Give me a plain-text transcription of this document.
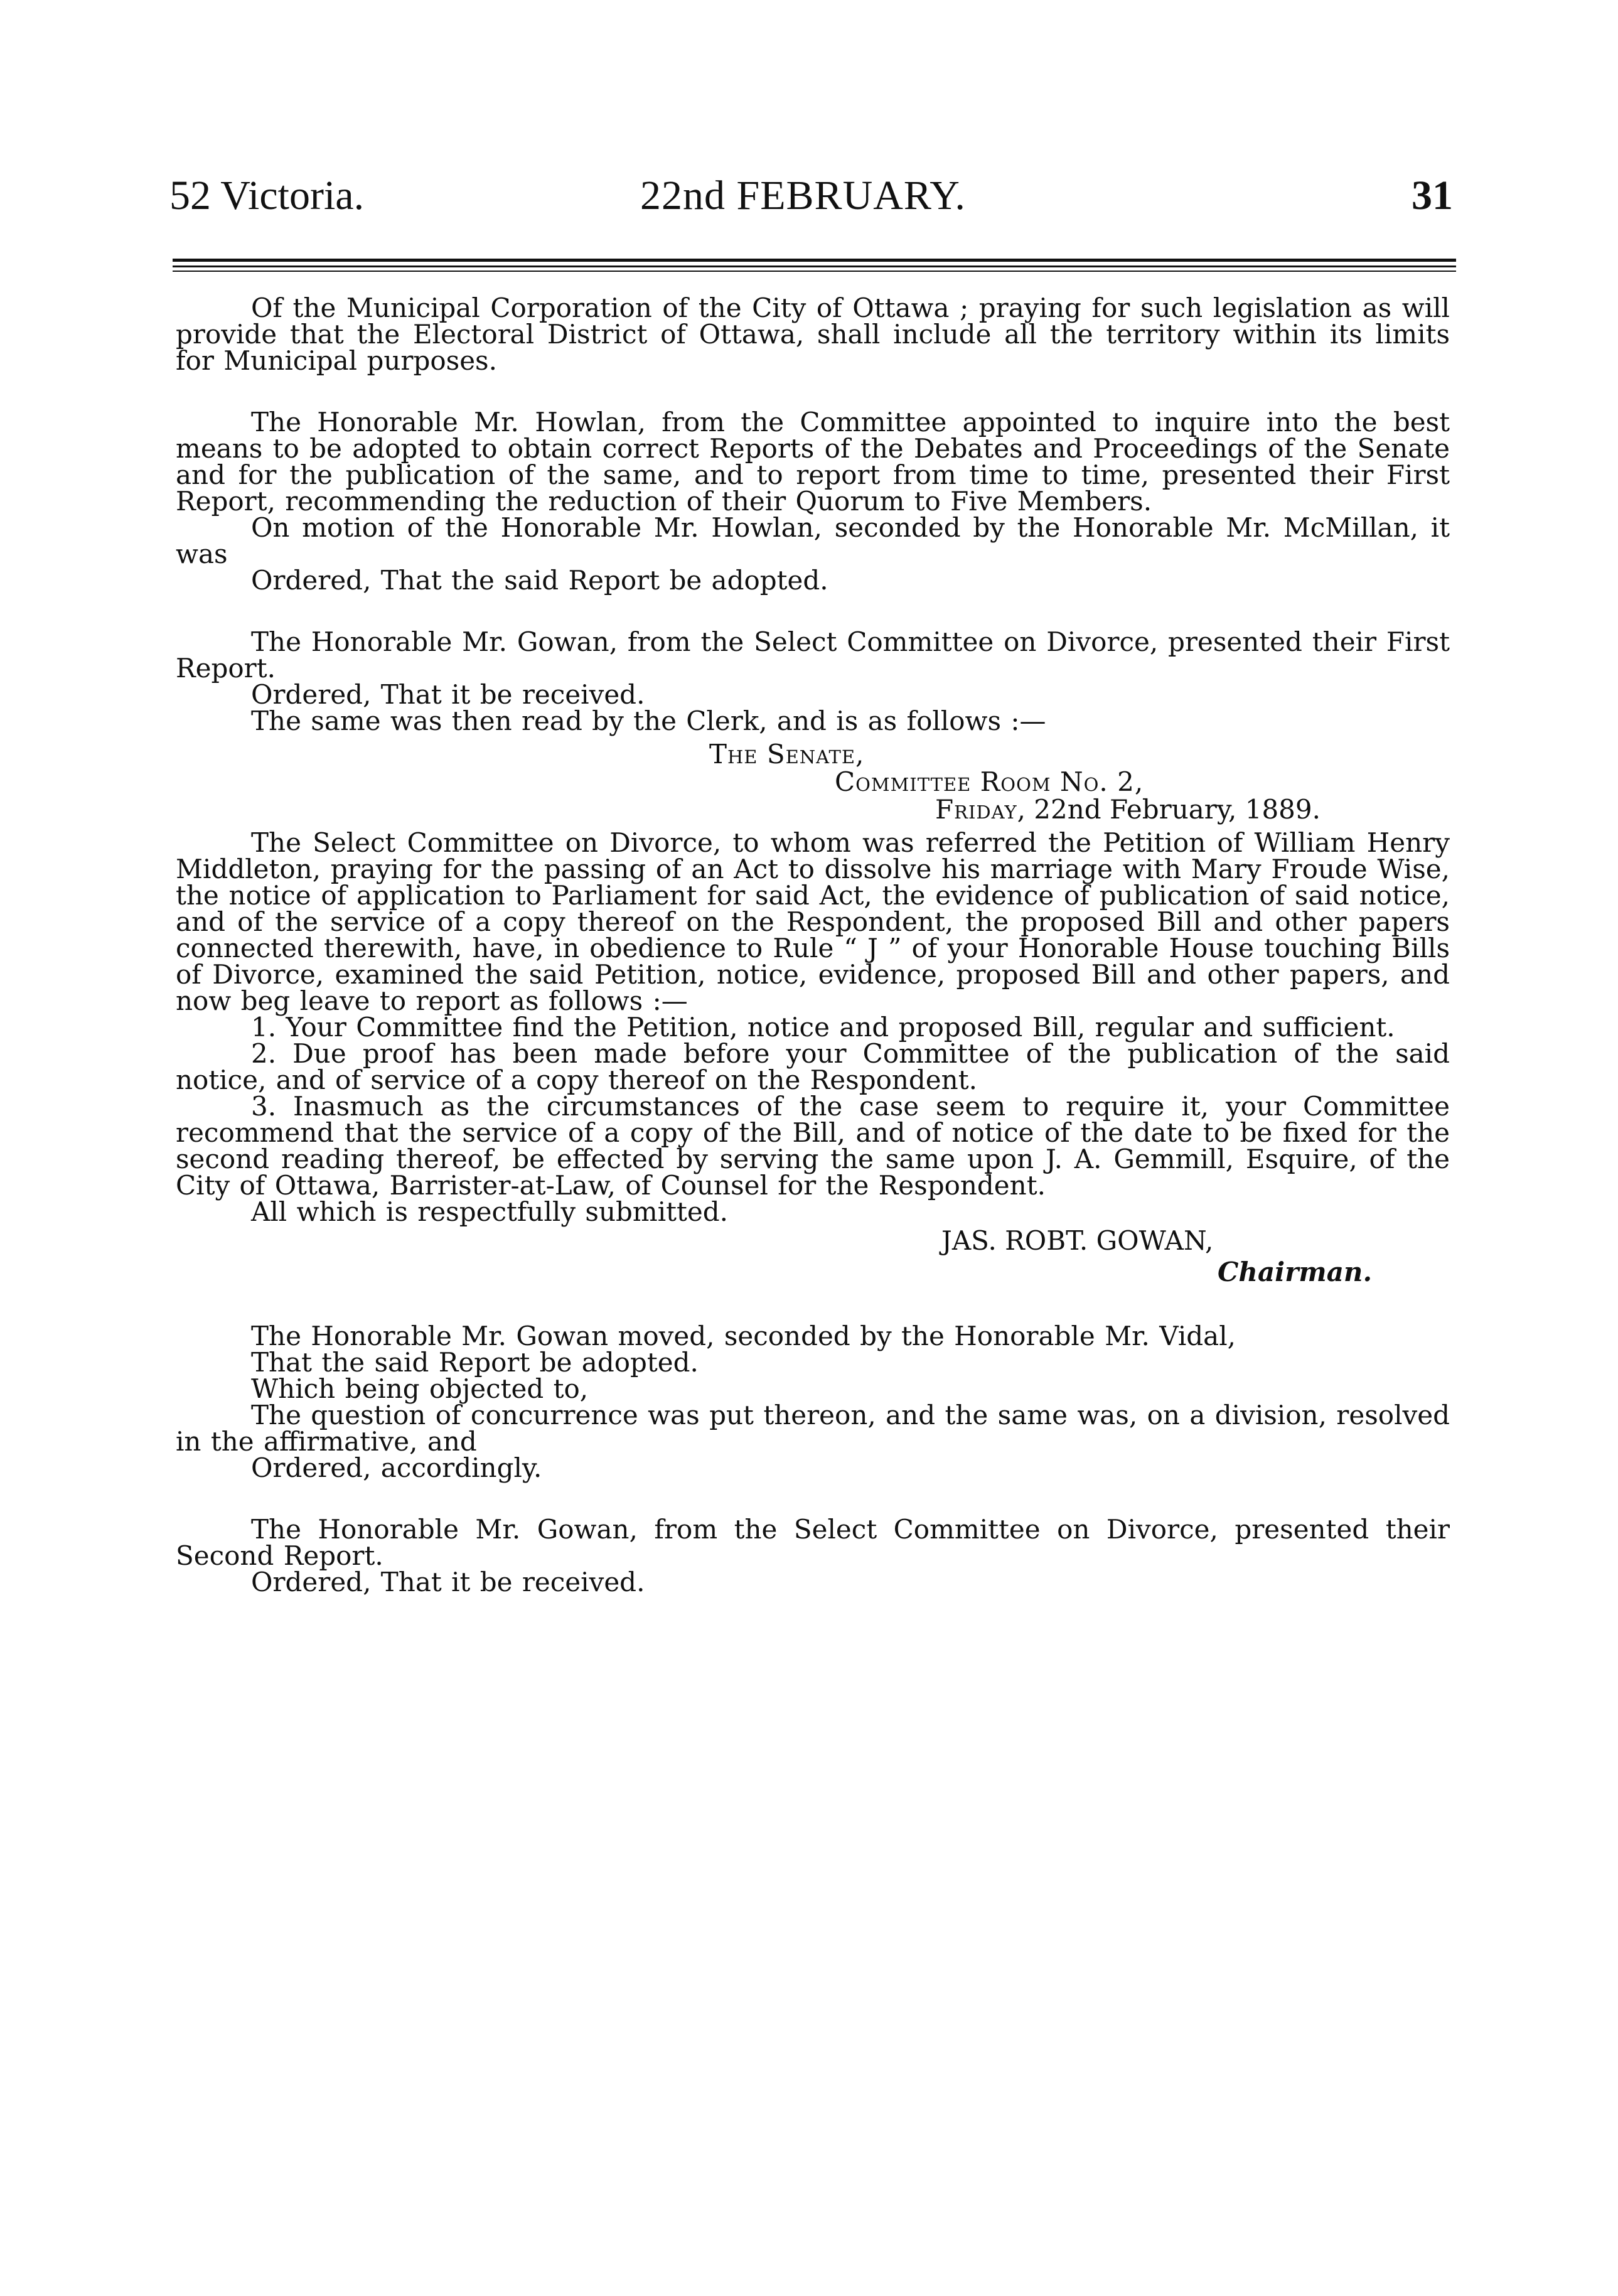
52 Victoria.	22nd FEBRUARY.	31

Of the Municipal Corporation of the City of Ottawa ; praying for such legislation as will provide that the Electoral District of Ottawa, shall include all the territory within its limits for Municipal purposes.

The Honorable Mr. Howlan, from the Committee appointed to inquire into the best means to be adopted to obtain correct Reports of the Debates and Proceedings of the Senate and for the publication of the same, and to report from time to time, presented their First Report, recommending the reduction of their Quorum to Five Members.

On motion of the Honorable Mr. Howlan, seconded by the Honorable Mr. McMillan, it was

Ordered, That the said Report be adopted.

The Honorable Mr. Gowan, from the Select Committee on Divorce, presented their First Report.

Ordered, That it be received.

The same was then read by the Clerk, and is as follows :—

The Senate,

Committee Room No. 2,

Friday, 22nd February, 1889.

The Select Committee on Divorce, to whom was referred the Petition of William Henry Middleton, praying for the passing of an Act to dissolve his marriage with Mary Froude Wise, the notice of application to Parliament for said Act, the evidence of publication of said notice, and of the service of a copy thereof on the Respondent, the proposed Bill and other papers connected therewith, have, in obedience to Rule “ J ” of your Honorable House touching Bills of Divorce, examined the said Petition, notice, evidence, proposed Bill and other papers, and now beg leave to report as follows :—

1. Your Committee find the Petition, notice and proposed Bill, regular and sufficient.

2. Due proof has been made before your Committee of the publication of the said notice, and of service of a copy thereof on the Respondent.

3. Inasmuch as the circumstances of the case seem to require it, your Committee recommend that the service of a copy of the Bill, and of notice of the date to be fixed for the second reading thereof, be effected by serving the same upon J. A. Gemmill, Esquire, of the City of Ottawa, Barrister-at-Law, of Counsel for the Respondent.

All which is respectfully submitted.

JAS. ROBT. GOWAN,

Chairman.

The Honorable Mr. Gowan moved, seconded by the Honorable Mr. Vidal,

That the said Report be adopted.

Which being objected to,

The question of concurrence was put thereon, and the same was, on a division, resolved in the affirmative, and

Ordered, accordingly.

The Honorable Mr. Gowan, from the Select Committee on Divorce, presented their Second Report.

Ordered, That it be received.
